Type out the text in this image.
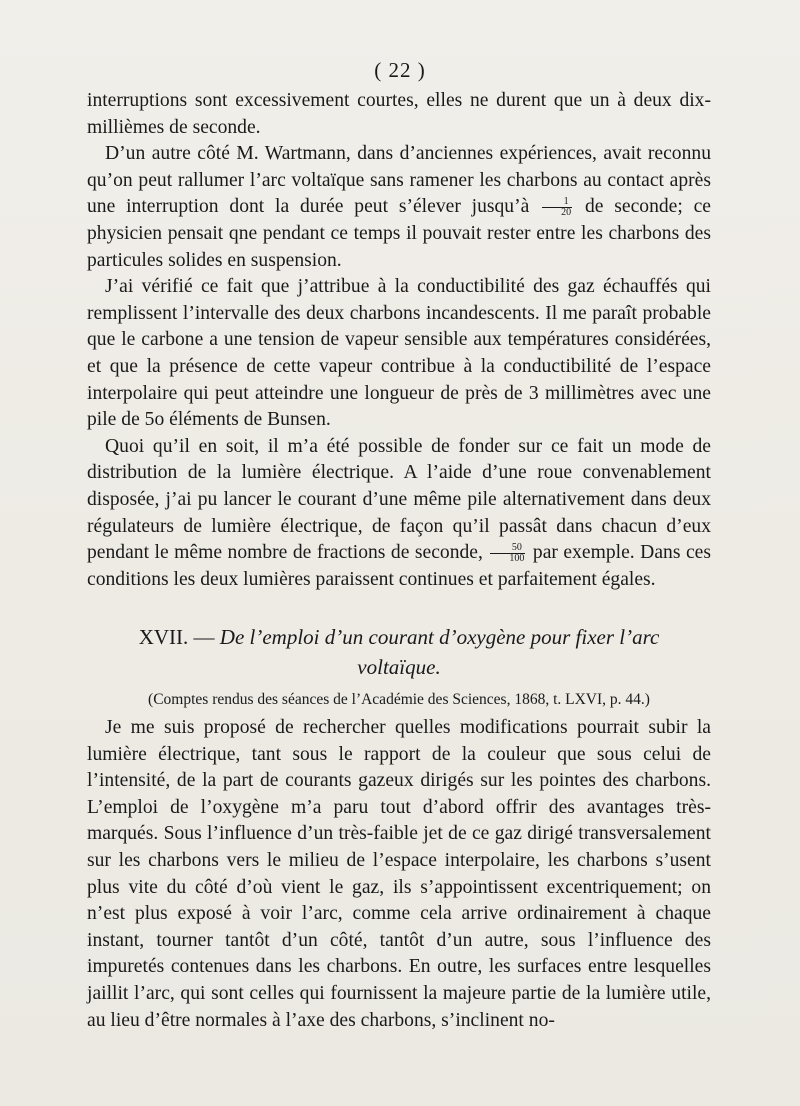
( 22 )

interruptions sont excessivement courtes, elles ne durent que un à deux dix-millièmes de seconde.

D’un autre côté M. Wartmann, dans d’anciennes expériences, avait reconnu qu’on peut rallumer l’arc voltaïque sans ramener les charbons au contact après une interruption dont la durée peut s’élever jusqu’à $\frac{1}{20}$ de seconde; ce physicien pensait qne pendant ce temps il pouvait rester entre les charbons des particules solides en suspension.

J’ai vérifié ce fait que j’attribue à la conductibilité des gaz échauffés qui remplissent l’intervalle des deux charbons incandescents. Il me paraît probable que le carbone a une tension de vapeur sensible aux températures considérées, et que la présence de cette vapeur contribue à la conductibilité de l’espace interpolaire qui peut atteindre une longueur de près de 3 millimètres avec une pile de 5o éléments de Bunsen.

Quoi qu’il en soit, il m’a été possible de fonder sur ce fait un mode de distribution de la lumière électrique. A l’aide d’une roue convenablement disposée, j’ai pu lancer le courant d’une même pile alternativement dans deux régulateurs de lumière électrique, de façon qu’il passât dans chacun d’eux pendant le même nombre de fractions de seconde, $\frac{50}{100}$ par exemple. Dans ces conditions les deux lumières paraissent continues et parfaitement égales.

XVII. — De l’emploi d’un courant d’oxygène pour fixer l’arc
voltaïque.
(Comptes rendus des séances de l’Académie des Sciences, 1868, t. LXVI, p. 44.)

Je me suis proposé de rechercher quelles modifications pourrait subir la lumière électrique, tant sous le rapport de la couleur que sous celui de l’intensité, de la part de courants gazeux dirigés sur les pointes des charbons. L’emploi de l’oxygène m’a paru tout d’abord offrir des avantages très-marqués. Sous l’influence d’un très-faible jet de ce gaz dirigé transversalement sur les charbons vers le milieu de l’espace interpolaire, les charbons s’usent plus vite du côté d’où vient le gaz, ils s’appointissent excentriquement; on n’est plus exposé à voir l’arc, comme cela arrive ordinairement à chaque instant, tourner tantôt d’un côté, tantôt d’un autre, sous l’influence des impuretés contenues dans les charbons. En outre, les surfaces entre lesquelles jaillit l’arc, qui sont celles qui fournissent la majeure partie de la lumière utile, au lieu d’être normales à l’axe des charbons, s’inclinent no-
